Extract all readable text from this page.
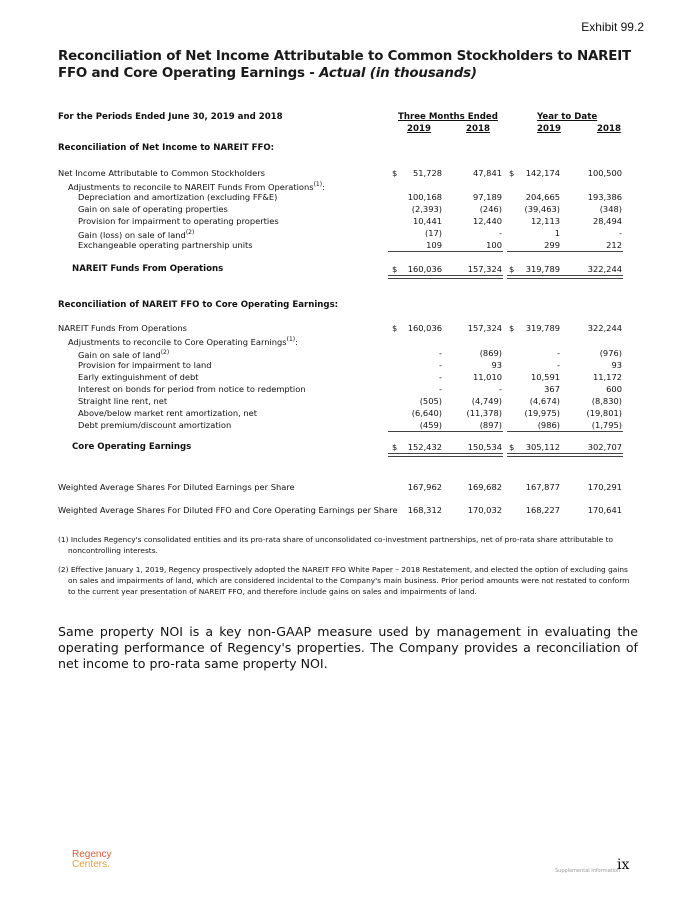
Exhibit 99.2
Reconciliation of Net Income Attributable to Common Stockholders to NAREIT FFO and Core Operating Earnings - Actual (in thousands)
For the Periods Ended June 30, 2019 and 2018	Three Months Ended	Year to Date
2019	2018	2019	2018
Reconciliation of Net Income to NAREIT FFO:
Net Income Attributable to Common Stockholders	51,728	47,841	142,174	100,500
$	$
Adjustments to reconcile to NAREIT Funds From Operations$^{(1)}$:
Depreciation and amortization (excluding FF&E)	100,168	97,189	204,665	193,386
Gain on sale of operating properties	(2,393)	(246)	(39,463)	(348)
Provision for impairment to operating properties	10,441	12,440	12,113	28,494
Gain (loss) on sale of land$^{(2)}$	(17)	-	1	-
Exchangeable operating partnership units	109	100	299	212
NAREIT Funds From Operations	160,036	157,324	319,789	322,244
$	$
Reconciliation of NAREIT FFO to Core Operating Earnings:
NAREIT Funds From Operations	160,036	157,324	319,789	322,244
$	$
Adjustments to reconcile to Core Operating Earnings$^{(1)}$:
Gain on sale of land$^{(2)}$	-	(869)	-	(976)
Provision for impairment to land	-	93	-	93
Early extinguishment of debt	-	11,010	10,591	11,172
Interest on bonds for period from notice to redemption	-	-	367	600
Straight line rent, net	(505)	(4,749)	(4,674)	(8,830)
Above/below market rent amortization, net	(6,640)	(11,378)	(19,975)	(19,801)
Debt premium/discount amortization	(459)	(897)	(986)	(1,795)
Core Operating Earnings	152,432	150,534	305,112	302,707
$	$
Weighted Average Shares For Diluted Earnings per Share	167,962	169,682	167,877	170,291
Weighted Average Shares For Diluted FFO and Core Operating Earnings per Share 168,312	170,032	168,227	170,641
(1) Includes Regency's consolidated entities and its pro-rata share of unconsolidated co-investment partnerships, net of pro-rata share attributable to noncontrolling interests.
(2) Effective January 1, 2019, Regency prospectively adopted the NAREIT FFO White Paper – 2018 Restatement, and elected the option of excluding gains on sales and impairments of land, which are considered incidental to the Company's main business. Prior period amounts were not restated to conform to the current year presentation of NAREIT FFO, and therefore include gains on sales and impairments of land.
Same property NOI is a key non-GAAP measure used by management in evaluating the operating performance of Regency's properties. The Company provides a reconciliation of net income to pro-rata same property NOI.
Regency
Centers.
Supplemental Information
ix
